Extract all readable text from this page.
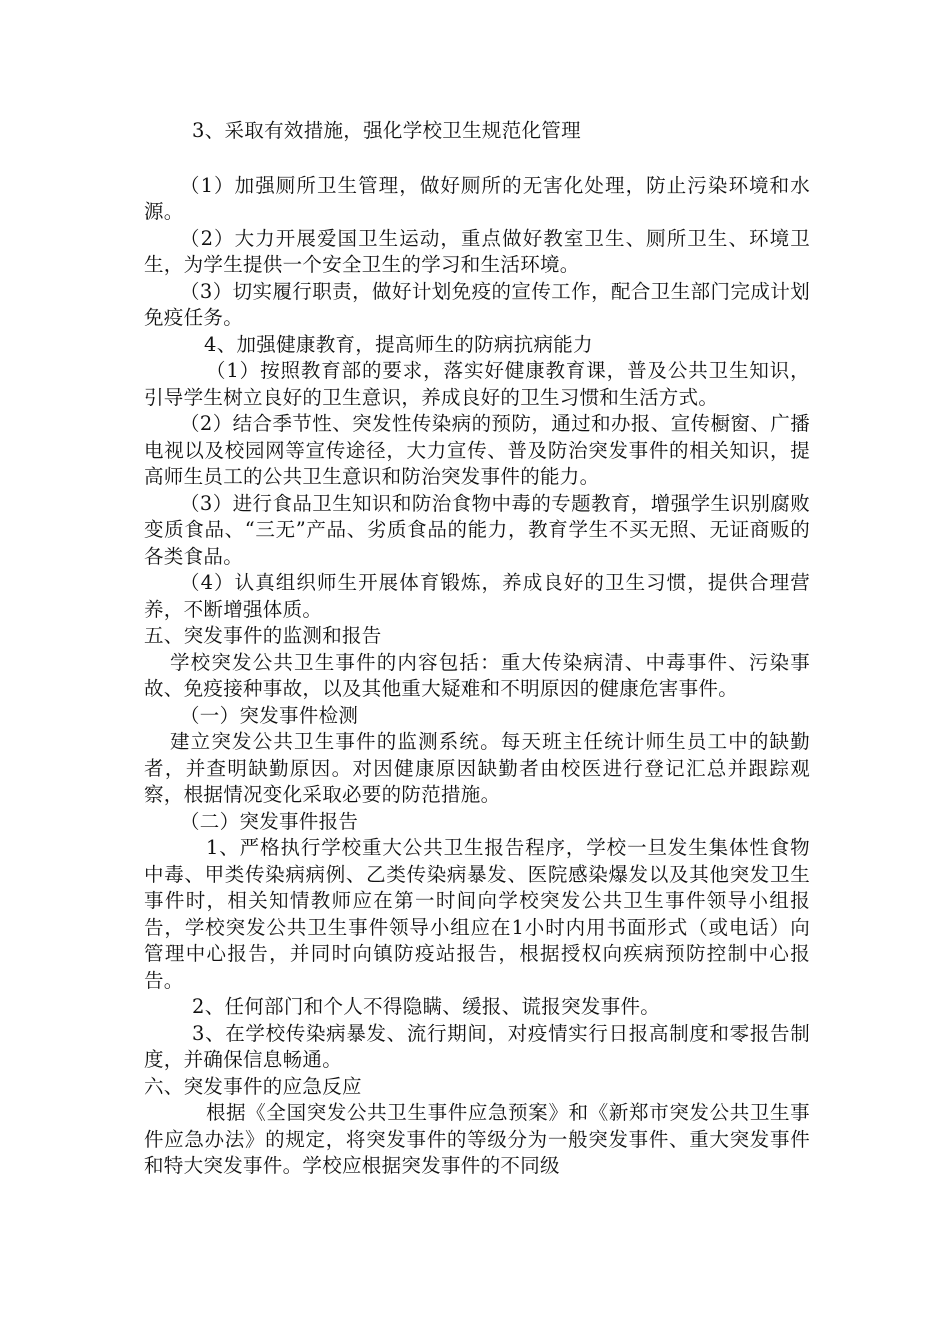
3、采取有效措施，强化学校卫生规范化管理

（1）加强厕所卫生管理，做好厕所的无害化处理，防止污染环境和水源。

（2）大力开展爱国卫生运动，重点做好教室卫生、厕所卫生、环境卫生，为学生提供一个安全卫生的学习和生活环境。

（3）切实履行职责，做好计划免疫的宣传工作，配合卫生部门完成计划免疫任务。

4、加强健康教育，提高师生的防病抗病能力

（1）按照教育部的要求，落实好健康教育课，普及公共卫生知识，引导学生树立良好的卫生意识，养成良好的卫生习惯和生活方式。

（2）结合季节性、突发性传染病的预防，通过和办报、宣传橱窗、广播电视以及校园网等宣传途径，大力宣传、普及防治突发事件的相关知识，提高师生员工的公共卫生意识和防治突发事件的能力。

（3）进行食品卫生知识和防治食物中毒的专题教育，增强学生识别腐败变质食品、“三无”产品、劣质食品的能力，教育学生不买无照、无证商贩的各类食品。

（4）认真组织师生开展体育锻炼，养成良好的卫生习惯，提供合理营养，不断增强体质。

五、突发事件的监测和报告

学校突发公共卫生事件的内容包括：重大传染病清、中毒事件、污染事故、免疫接种事故，以及其他重大疑难和不明原因的健康危害事件。

（一）突发事件检测

建立突发公共卫生事件的监测系统。每天班主任统计师生员工中的缺勤者，并查明缺勤原因。对因健康原因缺勤者由校医进行登记汇总并跟踪观察，根据情况变化采取必要的防范措施。

（二）突发事件报告

1、严格执行学校重大公共卫生报告程序，学校一旦发生集体性食物中毒、甲类传染病病例、乙类传染病暴发、医院感染爆发以及其他突发卫生事件时，相关知情教师应在第一时间向学校突发公共卫生事件领导小组报告，学校突发公共卫生事件领导小组应在1小时内用书面形式（或电话）向管理中心报告，并同时向镇防疫站报告，根据授权向疾病预防控制中心报告。

2、任何部门和个人不得隐瞒、缓报、谎报突发事件。

3、在学校传染病暴发、流行期间，对疫情实行日报高制度和零报告制度，并确保信息畅通。

六、突发事件的应急反应

根据《全国突发公共卫生事件应急预案》和《新郑市突发公共卫生事件应急办法》的规定，将突发事件的等级分为一般突发事件、重大突发事件和特大突发事件。学校应根据突发事件的不同级
